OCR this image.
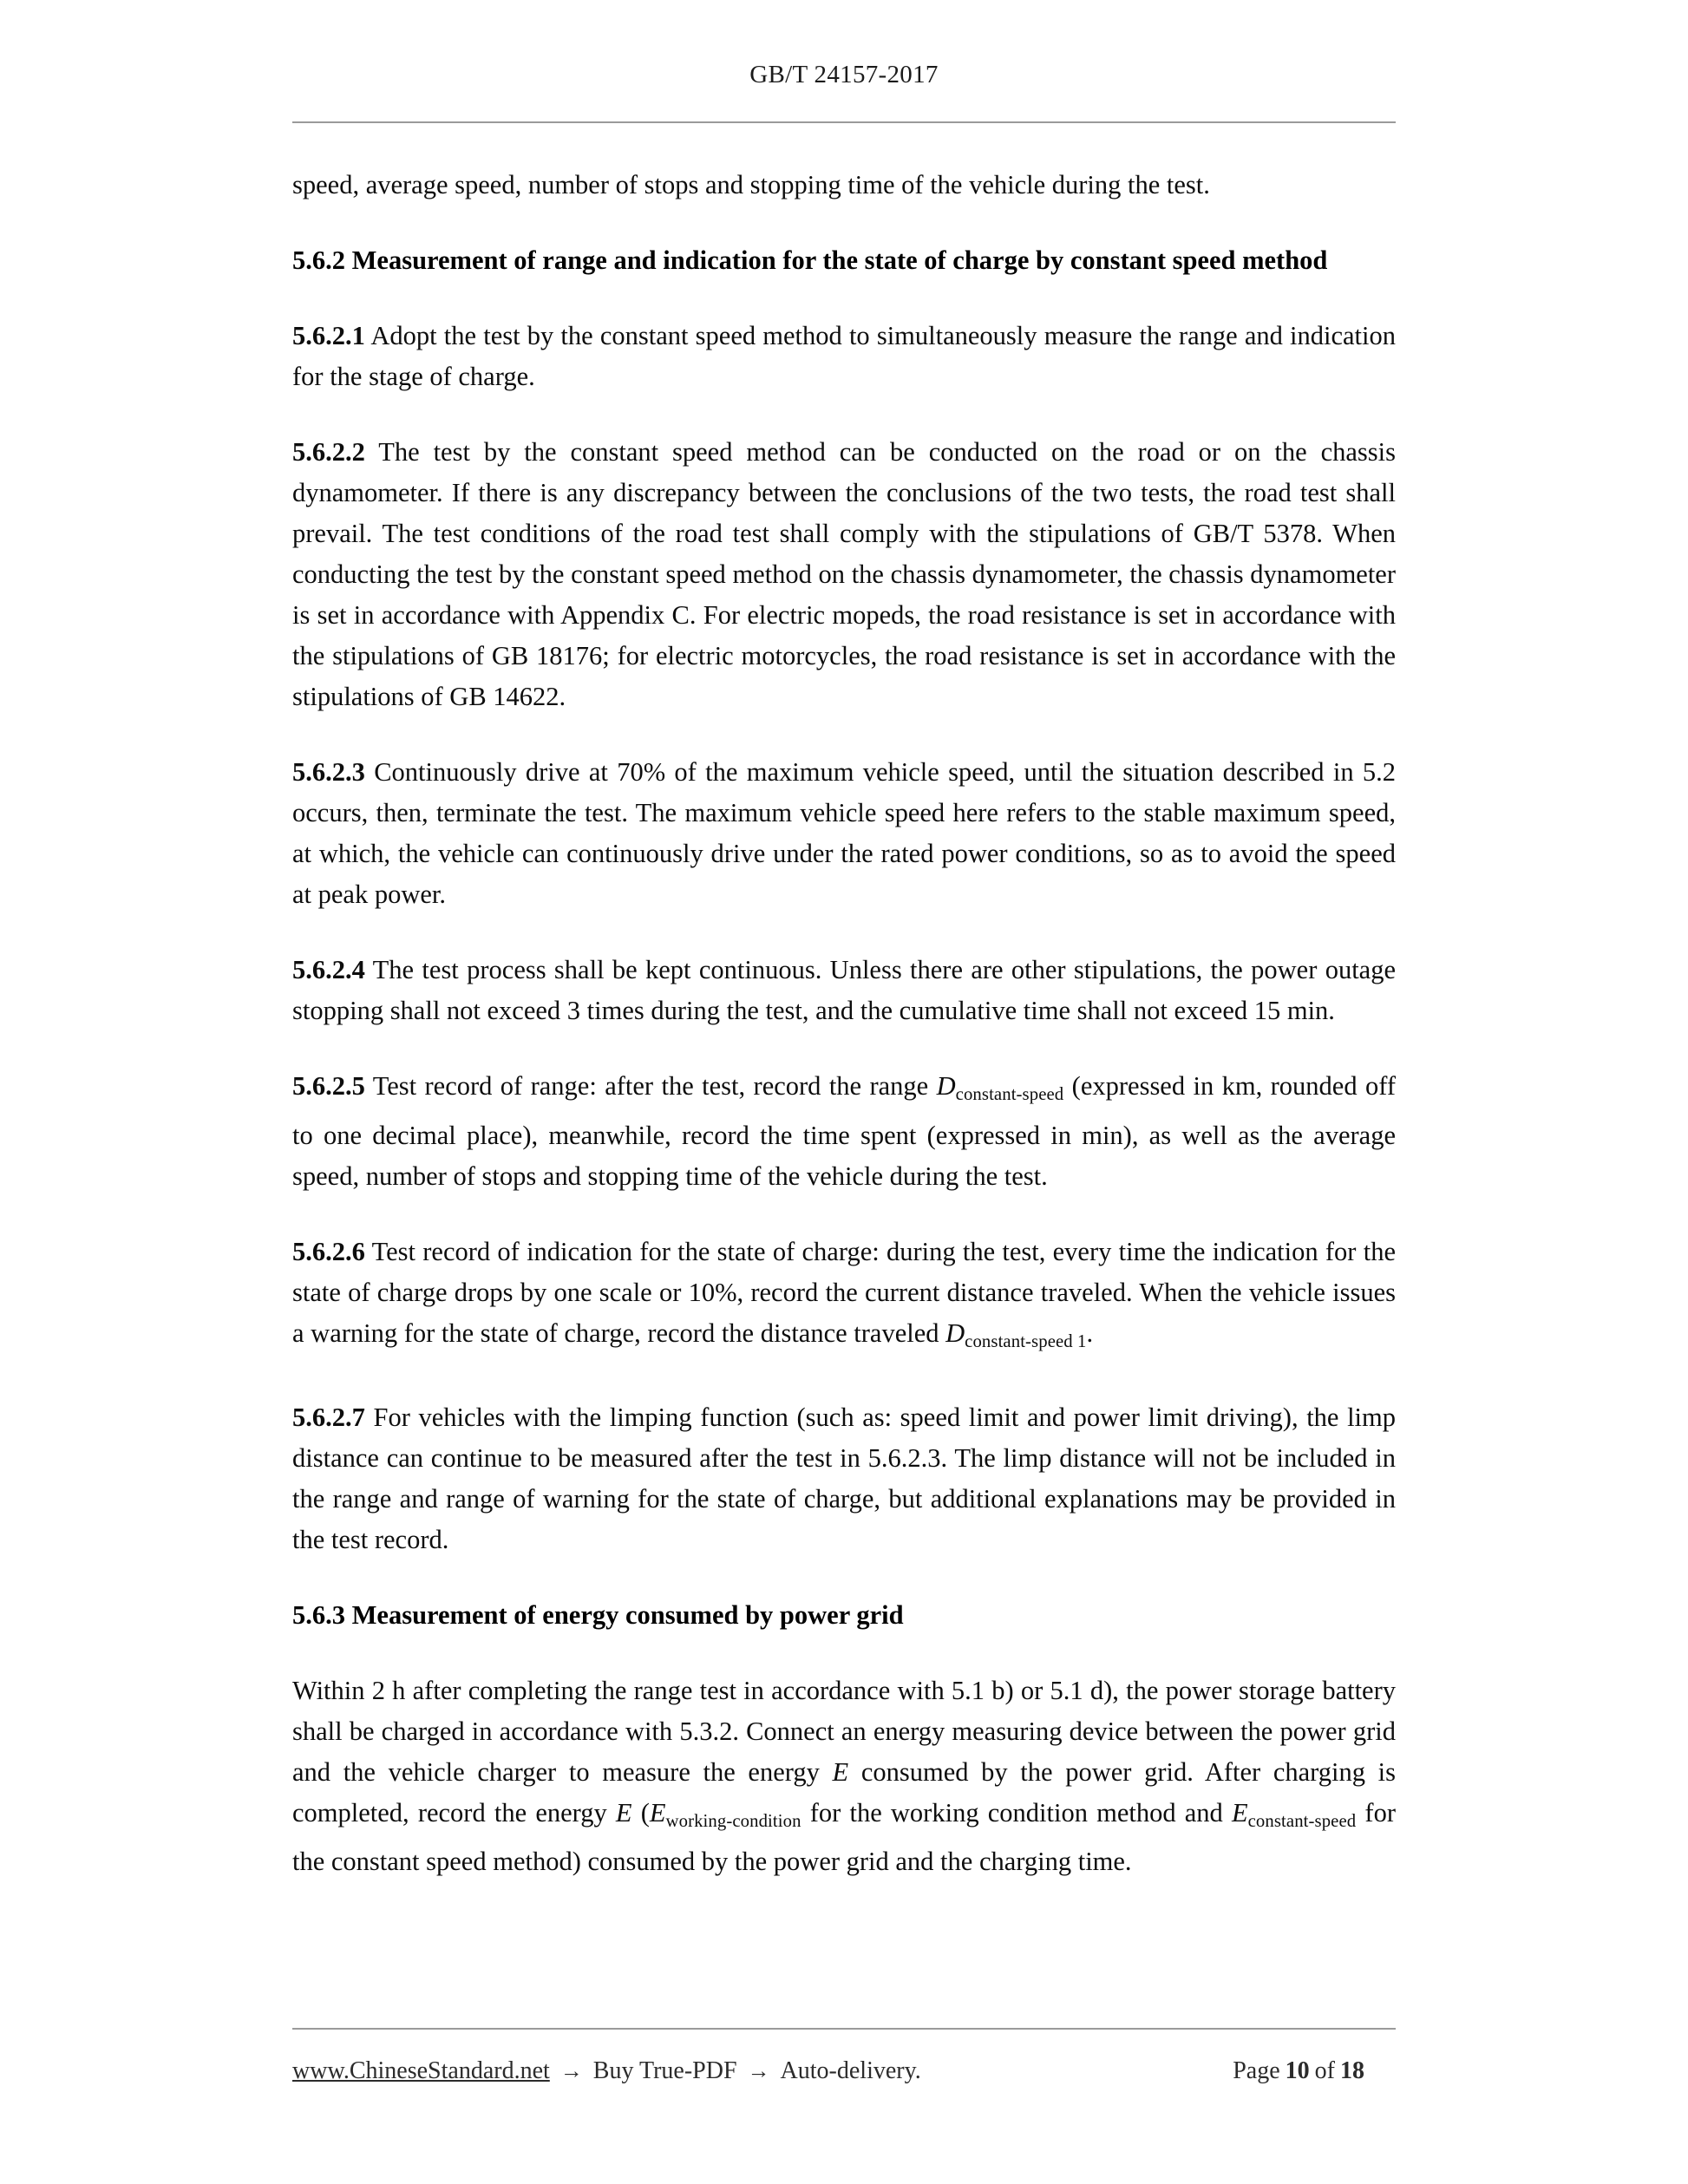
GB/T 24157-2017

speed, average speed, number of stops and stopping time of the vehicle during the test.

5.6.2 Measurement of range and indication for the state of charge by constant speed method

5.6.2.1 Adopt the test by the constant speed method to simultaneously measure the range and indication for the stage of charge.

5.6.2.2 The test by the constant speed method can be conducted on the road or on the chassis dynamometer. If there is any discrepancy between the conclusions of the two tests, the road test shall prevail. The test conditions of the road test shall comply with the stipulations of GB/T 5378. When conducting the test by the constant speed method on the chassis dynamometer, the chassis dynamometer is set in accordance with Appendix C. For electric mopeds, the road resistance is set in accordance with the stipulations of GB 18176; for electric motorcycles, the road resistance is set in accordance with the stipulations of GB 14622.

5.6.2.3 Continuously drive at 70% of the maximum vehicle speed, until the situation described in 5.2 occurs, then, terminate the test. The maximum vehicle speed here refers to the stable maximum speed, at which, the vehicle can continuously drive under the rated power conditions, so as to avoid the speed at peak power.

5.6.2.4 The test process shall be kept continuous. Unless there are other stipulations, the power outage stopping shall not exceed 3 times during the test, and the cumulative time shall not exceed 15 min.

5.6.2.5 Test record of range: after the test, record the range Dconstant-speed (expressed in km, rounded off to one decimal place), meanwhile, record the time spent (expressed in min), as well as the average speed, number of stops and stopping time of the vehicle during the test.

5.6.2.6 Test record of indication for the state of charge: during the test, every time the indication for the state of charge drops by one scale or 10%, record the current distance traveled. When the vehicle issues a warning for the state of charge, record the distance traveled Dconstant-speed 1.

5.6.2.7 For vehicles with the limping function (such as: speed limit and power limit driving), the limp distance can continue to be measured after the test in 5.6.2.3. The limp distance will not be included in the range and range of warning for the state of charge, but additional explanations may be provided in the test record.

5.6.3 Measurement of energy consumed by power grid

Within 2 h after completing the range test in accordance with 5.1 b) or 5.1 d), the power storage battery shall be charged in accordance with 5.3.2. Connect an energy measuring device between the power grid and the vehicle charger to measure the energy E consumed by the power grid. After charging is completed, record the energy E (Eworking-condition for the working condition method and Econstant-speed for the constant speed method) consumed by the power grid and the charging time.

www.ChineseStandard.net → Buy True-PDF → Auto-delivery.	Page 10 of 18
